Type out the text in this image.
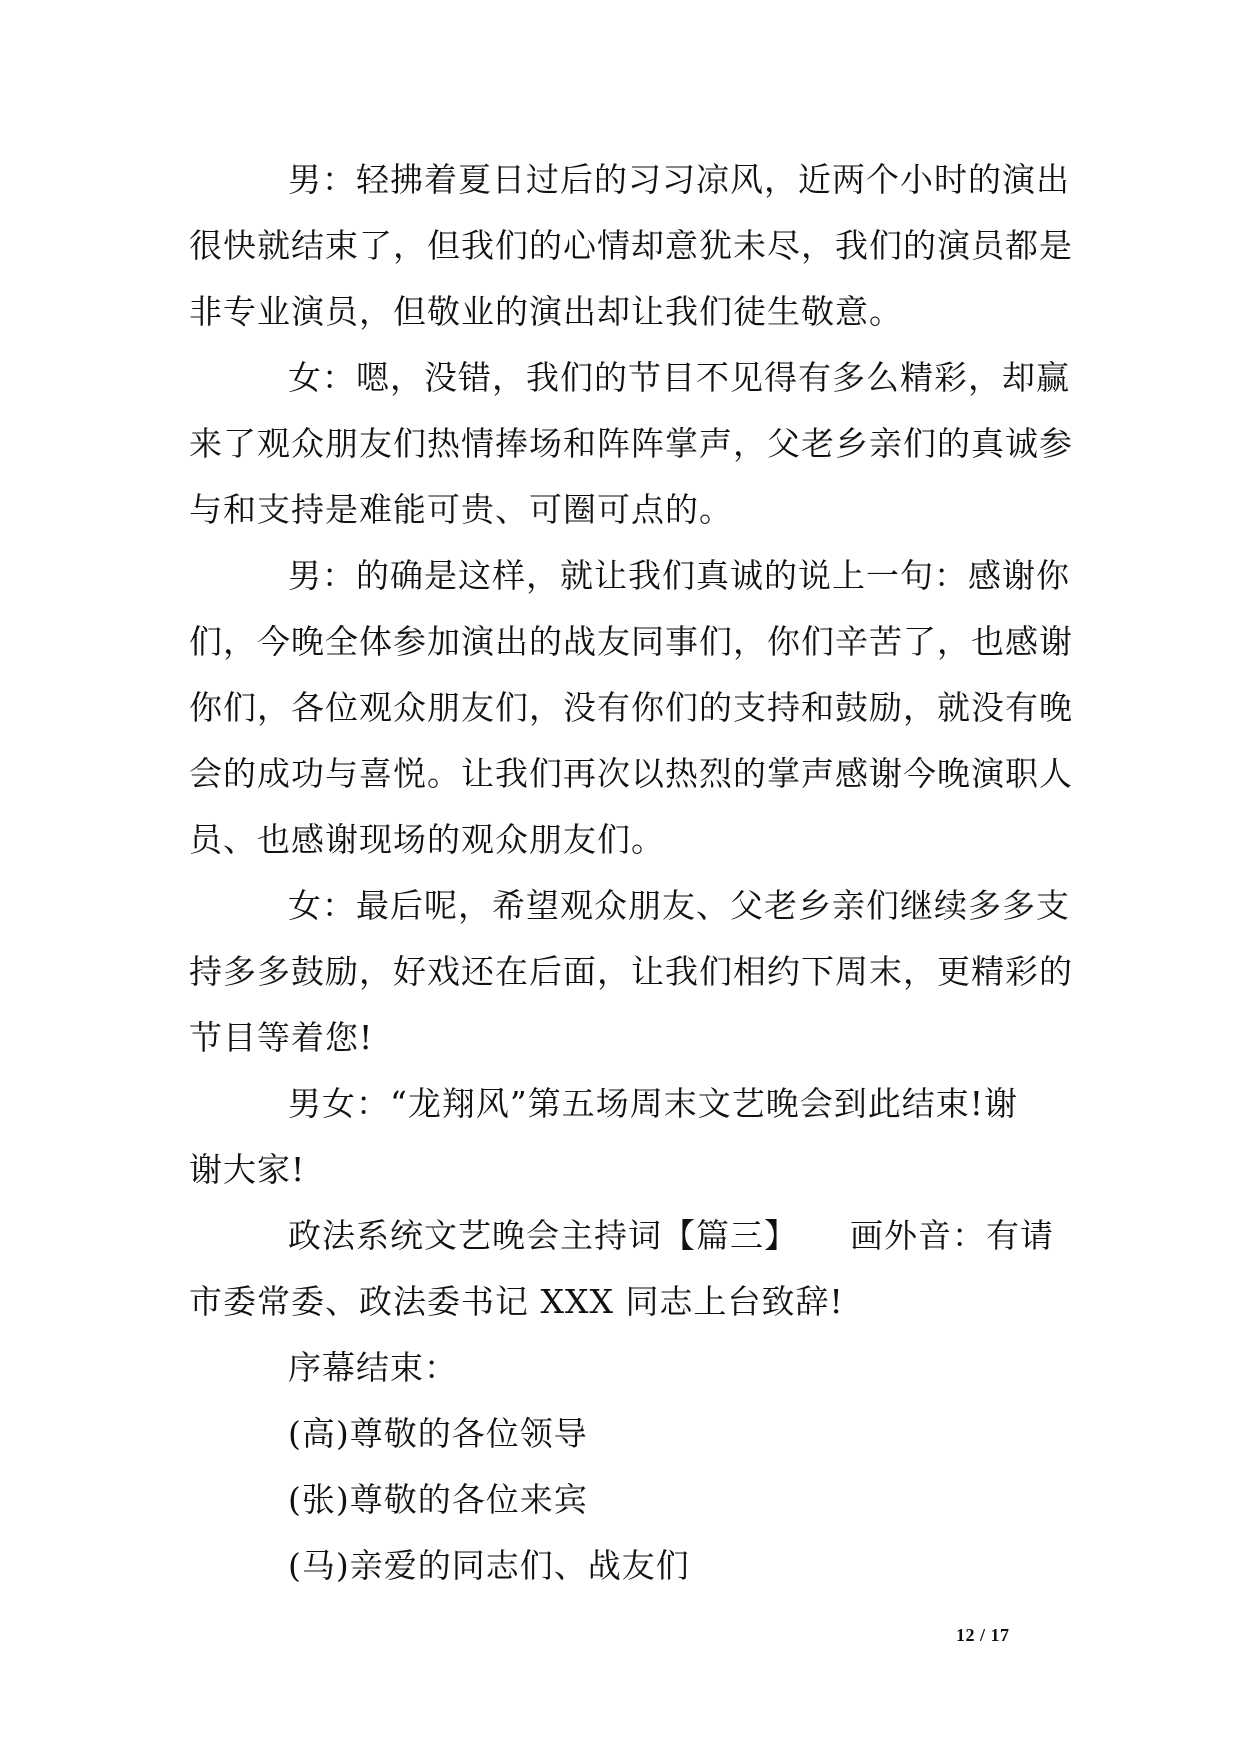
男：轻拂着夏日过后的习习凉风，近两个小时的演出
很快就结束了，但我们的心情却意犹未尽，我们的演员都是
非专业演员，但敬业的演出却让我们徒生敬意。
女：嗯，没错，我们的节目不见得有多么精彩，却赢
来了观众朋友们热情捧场和阵阵掌声，父老乡亲们的真诚参
与和支持是难能可贵、可圈可点的。
男：的确是这样，就让我们真诚的说上一句：感谢你
们，今晚全体参加演出的战友同事们，你们辛苦了，也感谢
你们，各位观众朋友们，没有你们的支持和鼓励，就没有晚
会的成功与喜悦。让我们再次以热烈的掌声感谢今晚演职人
员、也感谢现场的观众朋友们。
女：最后呢，希望观众朋友、父老乡亲们继续多多支
持多多鼓励，好戏还在后面，让我们相约下周末，更精彩的
节目等着您!
男女：“龙翔风”第五场周末文艺晚会到此结束!谢
谢大家!
政法系统文艺晚会主持词【篇三】 画外音：有请
市委常委、政法委书记 XXX 同志上台致辞!
序幕结束：
(高)尊敬的各位领导
(张)尊敬的各位来宾
(马)亲爱的同志们、战友们
12 / 17
